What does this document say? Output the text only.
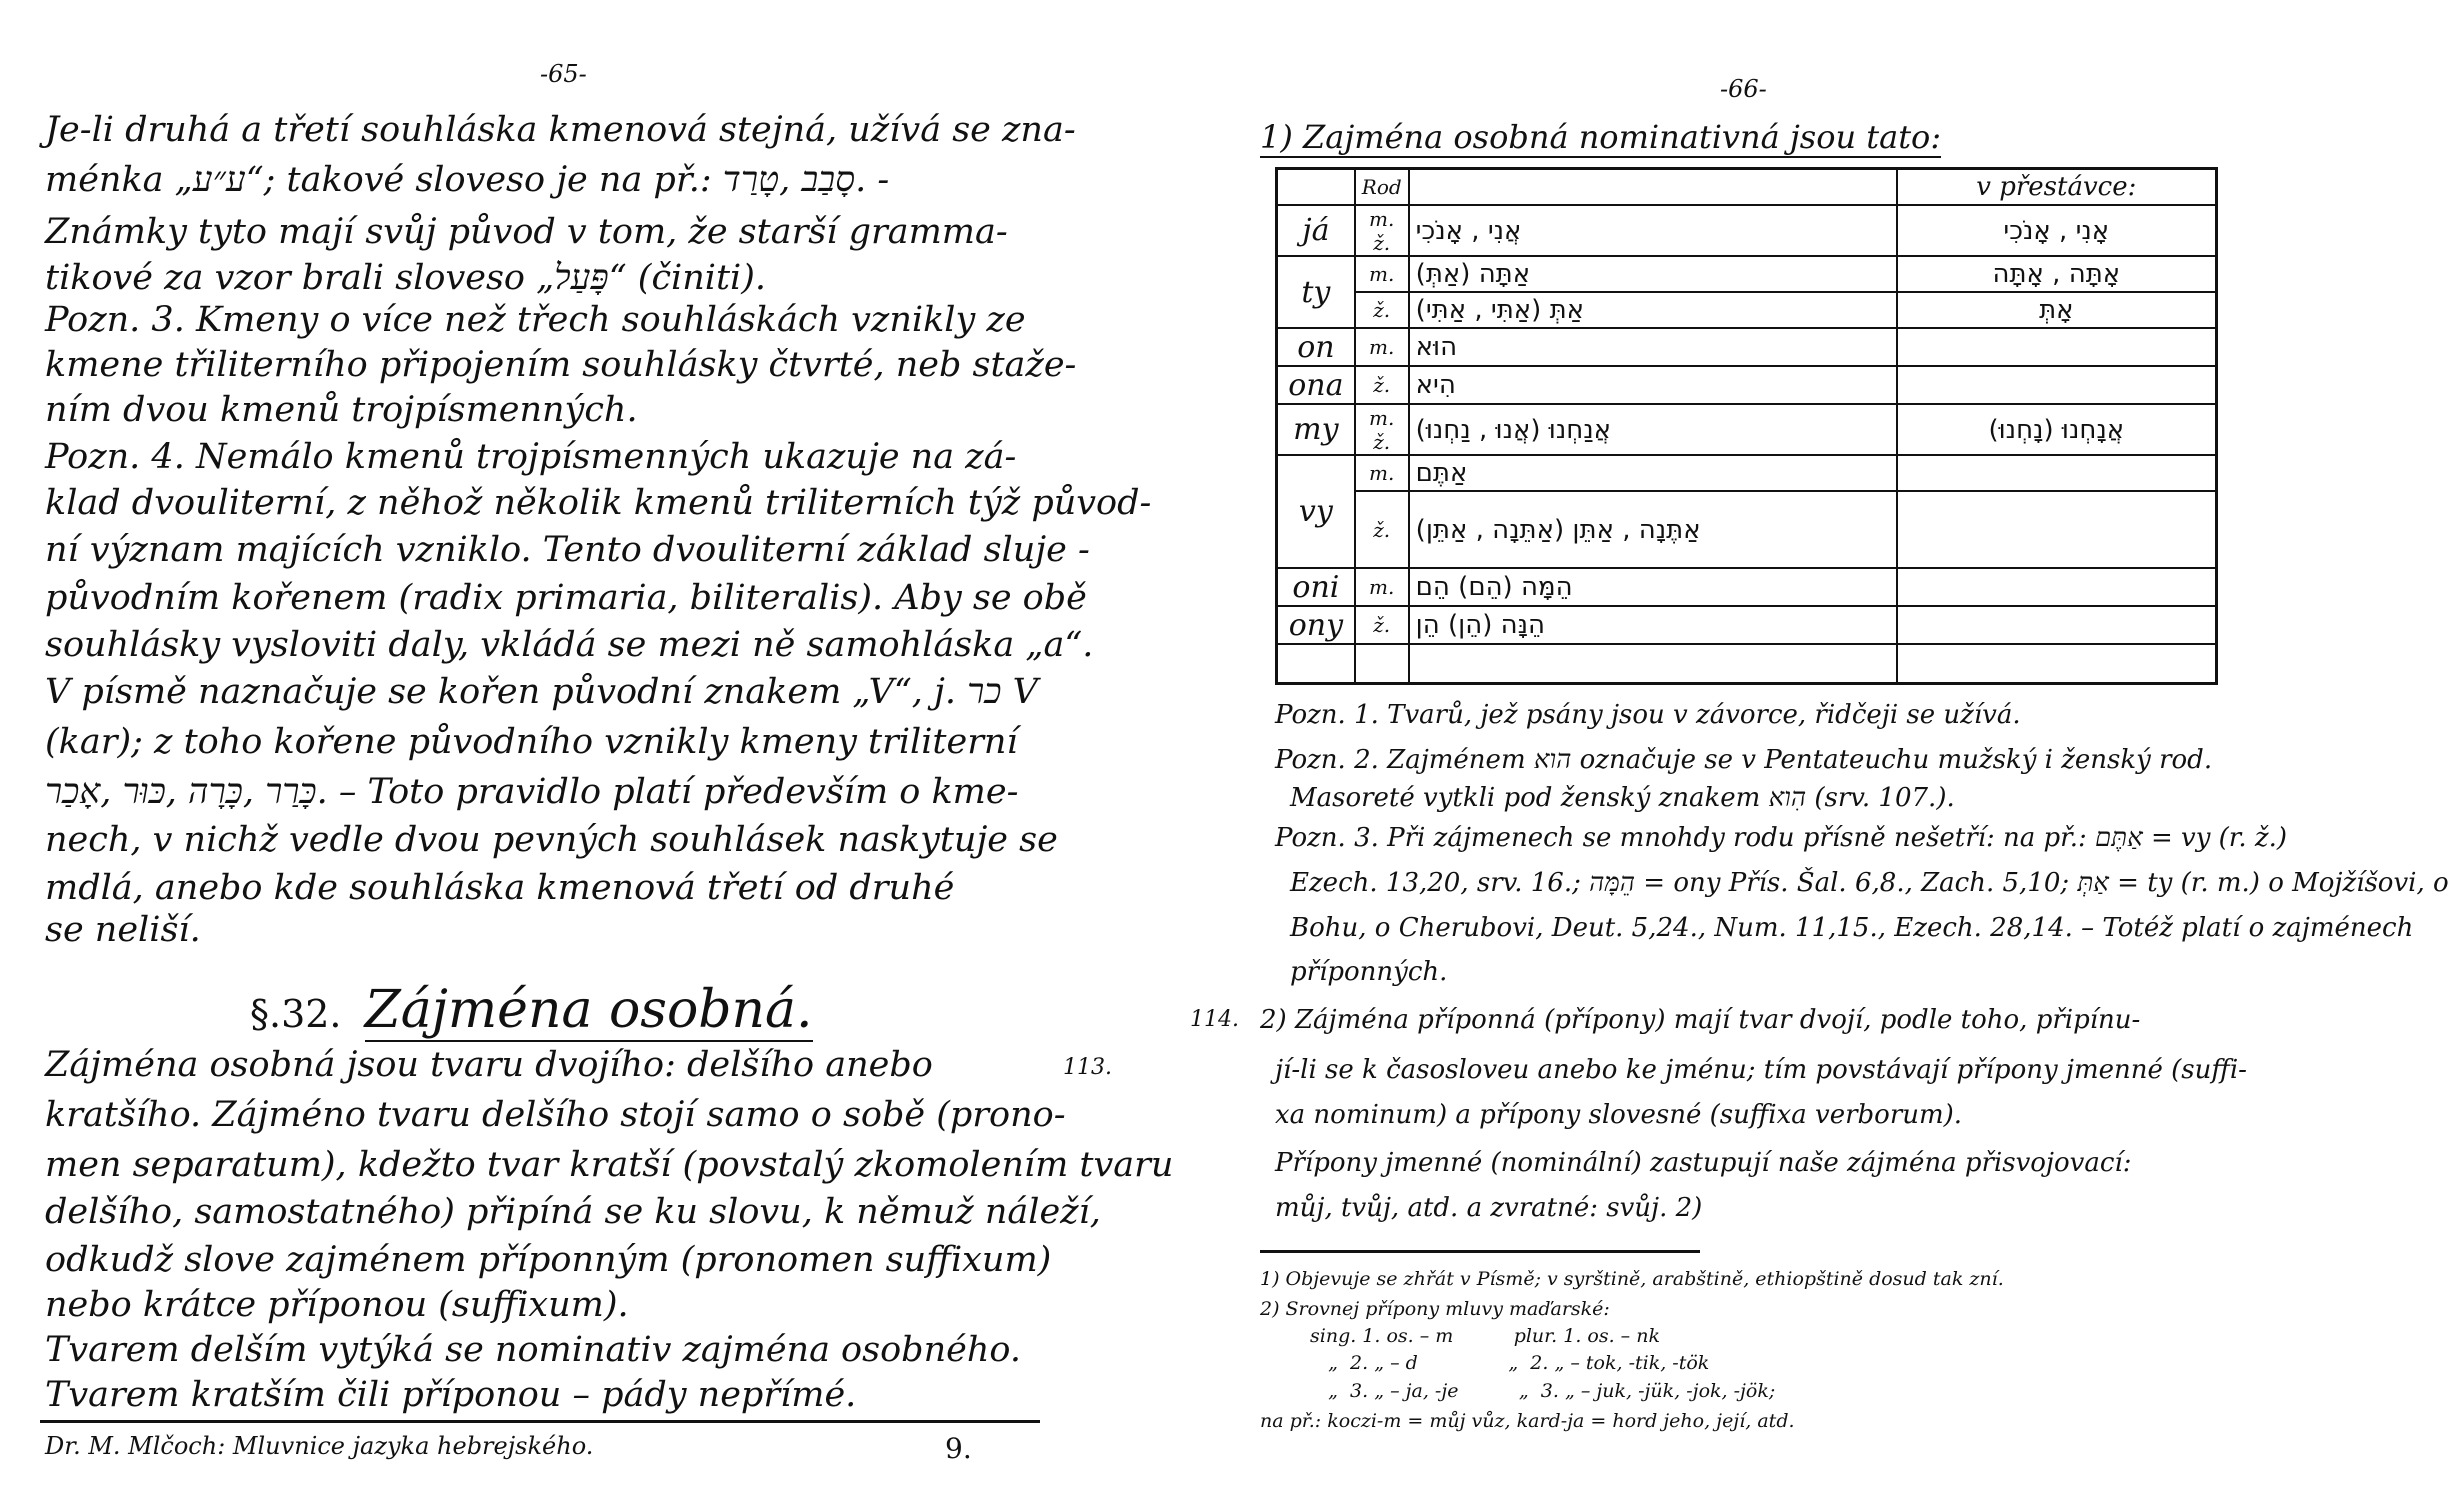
-65-
Je-li druhá a třetí souhláska kmenová stejná, užívá se zna-
ménka „ע״ע“; takové sloveso je na př.: סָבַב ,טָרַד. -
Známky tyto mají svůj původ v tom, že starší gramma-
tikové za vzor brali sloveso „פָּעַל“ (činiti).
Pozn. 3. Kmeny o více než třech souhláskách vznikly ze
kmene třiliterního připojením souhlásky čtvrté, neb staže-
ním dvou kmenů trojpísmenných.
Pozn. 4. Nemálo kmenů trojpísmenných ukazuje na zá-
klad dvouliterní, z něhož několik kmenů triliterních týž původ-
ní význam majících vzniklo. Tento dvouliterní základ sluje -
původním kořenem (radix primaria, biliteralis). Aby se obě
souhlásky vysloviti daly, vkládá se mezi ně samohláska „a“.
V písmě naznačuje se kořen původní znakem „V“, j. כר V
(kar); z toho kořene původního vznikly kmeny triliterní
כָּרַר ,כָּרָה ,כּוּר ,אָכַר. – Toto pravidlo platí především o kme-
nech, v nichž vedle dvou pevných souhlásek naskytuje se
mdlá, anebo kde souhláska kmenová třetí od druhé
se neliší.
§.32. Zájména osobná.
113.
Zájména osobná jsou tvaru dvojího: delšího anebo
kratšího. Zájméno tvaru delšího stojí samo o sobě (prono-
men separatum), kdežto tvar kratší (povstalý zkomolením tvaru
delšího, samostatného) připíná se ku slovu, k němuž náleží,
odkudž slove zajménem příponným (pronomen suffixum)
nebo krátce příponou (suffixum).
Tvarem delším vytýká se nominativ zajména osobného.
Tvarem kratším čili příponou – pády nepřímé.
Dr. M. Mlčoch: Mluvnice jazyka hebrejského.	9.
-66-
1) Zajména osobná nominativná jsou tato:
	Rod		v přestávce:
já	m. ž.	אֲנִי , אָנֹכִי	אָנִי , אָנֹכִי
ty	m.	אַתָּה (אַתְּ)	אָתָּה , אָתָּה
	ž.	אַתְּ (אַתִּי , אַתִּי)	אָתְּ
on	m.	הוּא	
ona	ž.	הִיא	
my	m. ž.	אֲנַחְנוּ (אֲנוּ , נַחְנוּ)	אֲנָחְנוּ (נָחְנוּ)
vy	m.	אַתֶּם	
	ž.	אַתֶּנָה , אַתֵּן (אַתֵּנָה , אַתֵּן)	
oni	m.	הֵמָּה (הֵם) הֵם	
ony	ž.	הֵנָּה (הֵן) הֵן	

Pozn. 1. Tvarů, jež psány jsou v závorce, řidčeji se užívá.
Pozn. 2. Zajménem הוא označuje se v Pentateuchu mužský i ženský rod.
Masoreté vytkli pod ženský znakem הִוא (srv. 107.).
Pozn. 3. Při zájmenech se mnohdy rodu přísně nešetří: na př.: אַתֶּם = vy (r. ž.)
Ezech. 13,20, srv. 16.; הֵמָּה = ony Přís. Šal. 6,8., Zach. 5,10; אַתְּ = ty (r. m.) o Mojžíšovi, o
Bohu, o Cherubovi, Deut. 5,24., Num. 11,15., Ezech. 28,14. – Totéž platí o zajménech
příponných.
114. 2) Zájména příponná (přípony) mají tvar dvojí, podle toho, připínu-
jí-li se k časosloveu anebo ke jménu; tím povstávají přípony jmenné (suffi-
xa nominum) a přípony slovesné (suffixa verborum).
Přípony jmenné (nominální) zastupují naše zájména přisvojovací:
můj, tvůj, atd. a zvratné: svůj. 2)
1) Objevuje se zhřát v Písmě; v syrštině, arabštině, ethiopštině dosud tak zní.
2) Srovnej přípony mluvy maďarské:
sing. 1. os. – m          plur. 1. os. – nk
„  2. „ – d               „  2. „ – tok, -tik, -tök
„  3. „ – ja, -je          „  3. „ – juk, -jük, -jok, -jök;
na př.: koczi-m = můj vůz, kard-ja = hord jeho, její, atd.
